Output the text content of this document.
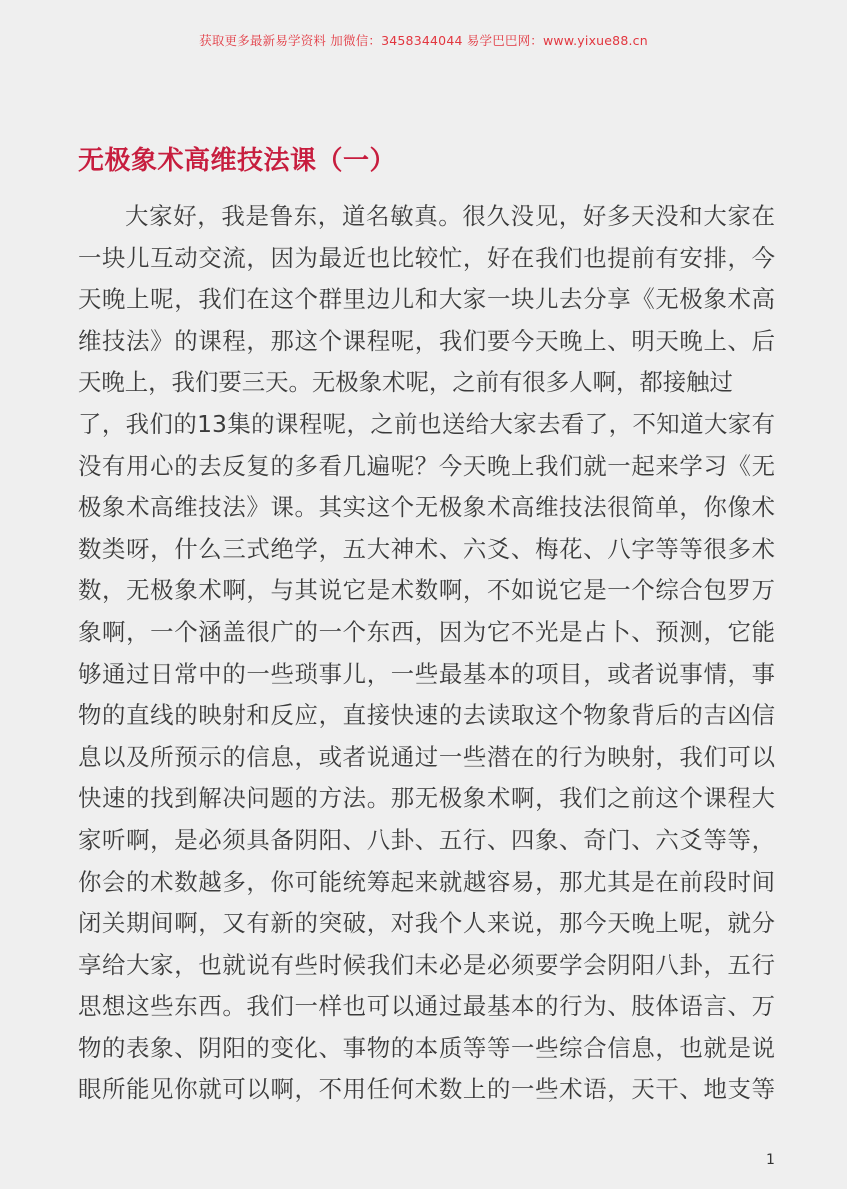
获取更多最新易学资料 加微信：3458344044 易学巴巴网：www.yixue88.cn
无极象术高维技法课（一）
大家好，我是鲁东，道名敏真。很久没见，好多天没和大家在
一块儿互动交流，因为最近也比较忙，好在我们也提前有安排，今
天晚上呢，我们在这个群里边儿和大家一块儿去分享《无极象术高
维技法》的课程，那这个课程呢，我们要今天晚上、明天晚上、后
天晚上，我们要三天。无极象术呢，之前有很多人啊，都接触过
了，我们的13集的课程呢，之前也送给大家去看了，不知道大家有
没有用心的去反复的多看几遍呢？今天晚上我们就一起来学习《无
极象术高维技法》课。其实这个无极象术高维技法很简单，你像术
数类呀，什么三式绝学，五大神术、六爻、梅花、八字等等很多术
数，无极象术啊，与其说它是术数啊，不如说它是一个综合包罗万
象啊，一个涵盖很广的一个东西，因为它不光是占卜、预测，它能
够通过日常中的一些琐事儿，一些最基本的项目，或者说事情，事
物的直线的映射和反应，直接快速的去读取这个物象背后的吉凶信
息以及所预示的信息，或者说通过一些潜在的行为映射，我们可以
快速的找到解决问题的方法。那无极象术啊，我们之前这个课程大
家听啊，是必须具备阴阳、八卦、五行、四象、奇门、六爻等等，
你会的术数越多，你可能统筹起来就越容易，那尤其是在前段时间
闭关期间啊，又有新的突破，对我个人来说，那今天晚上呢，就分
享给大家，也就说有些时候我们未必是必须要学会阴阳八卦，五行
思想这些东西。我们一样也可以通过最基本的行为、肢体语言、万
物的表象、阴阳的变化、事物的本质等等一些综合信息，也就是说
眼所能见你就可以啊，不用任何术数上的一些术语，天干、地支等
1
